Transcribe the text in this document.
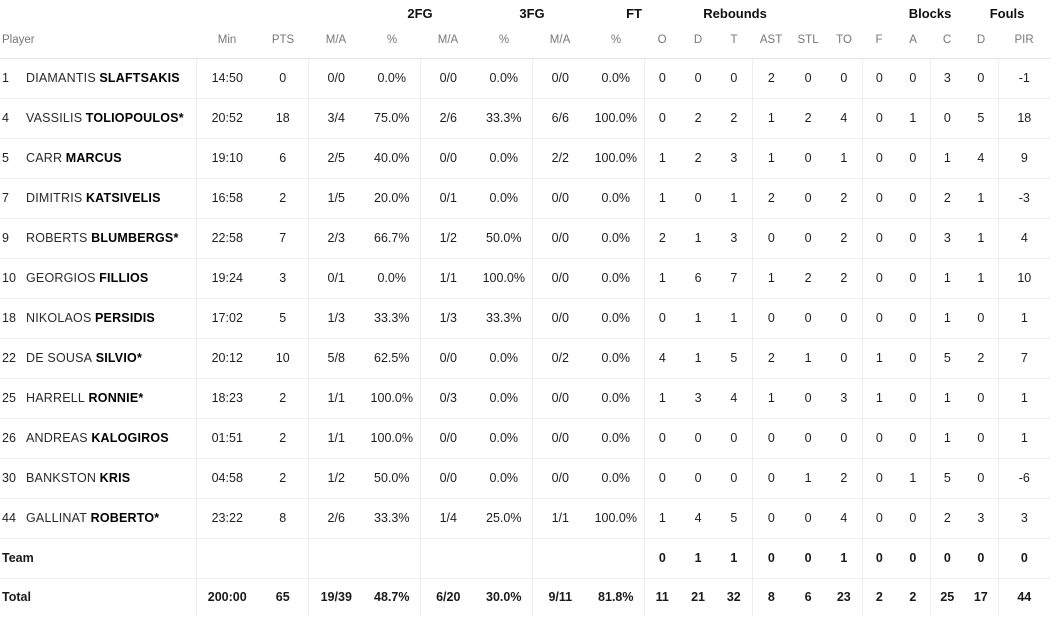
				2FG		3FG		FT		Rebounds						Blocks		Fouls		
Player	Min	PTS	M/A	%	M/A	%	M/A	%	O	D	T	AST	STL	TO	F	A	C	D	PIR	
1 DIAMANTIS SLAFTSAKIS	14:50	0	0/0	0.0%	0/0	0.0%	0/0	0.0%	0	0	0	2	0	0	0	0	3	0	-1	
4 VASSILIS TOLIOPOULOS*	20:52	18	3/4	75.0%	2/6	33.3%	6/6	100.0%	0	2	2	1	2	4	0	1	0	5	18	
5 CARR MARCUS	19:10	6	2/5	40.0%	0/0	0.0%	2/2	100.0%	1	2	3	1	0	1	0	0	1	4	9	
7 DIMITRIS KATSIVELIS	16:58	2	1/5	20.0%	0/1	0.0%	0/0	0.0%	1	0	1	2	0	2	0	0	2	1	-3	
9 ROBERTS BLUMBERGS*	22:58	7	2/3	66.7%	1/2	50.0%	0/0	0.0%	2	1	3	0	0	2	0	0	3	1	4	
10 GEORGIOS FILLIOS	19:24	3	0/1	0.0%	1/1	100.0%	0/0	0.0%	1	6	7	1	2	2	0	0	1	1	10	
18 NIKOLAOS PERSIDIS	17:02	5	1/3	33.3%	1/3	33.3%	0/0	0.0%	0	1	1	0	0	0	0	0	1	0	1	
22 DE SOUSA SILVIO*	20:12	10	5/8	62.5%	0/0	0.0%	0/2	0.0%	4	1	5	2	1	0	1	0	5	2	7	
25 HARRELL RONNIE*	18:23	2	1/1	100.0%	0/3	0.0%	0/0	0.0%	1	3	4	1	0	3	1	0	1	0	1	
26 ANDREAS KALOGIROS	01:51	2	1/1	100.0%	0/0	0.0%	0/0	0.0%	0	0	0	0	0	0	0	0	1	0	1	
30 BANKSTON KRIS	04:58	2	1/2	50.0%	0/0	0.0%	0/0	0.0%	0	0	0	0	1	2	0	1	5	0	-6	
44 GALLINAT ROBERTO*	23:22	8	2/6	33.3%	1/4	25.0%	1/1	100.0%	1	4	5	0	0	4	0	0	2	3	3	
Team									0	1	1	0	0	1	0	0	0	0	0	
Total	200:00	65	19/39	48.7%	6/20	30.0%	9/11	81.8%	11	21	32	8	6	23	2	2	25	17	44	
